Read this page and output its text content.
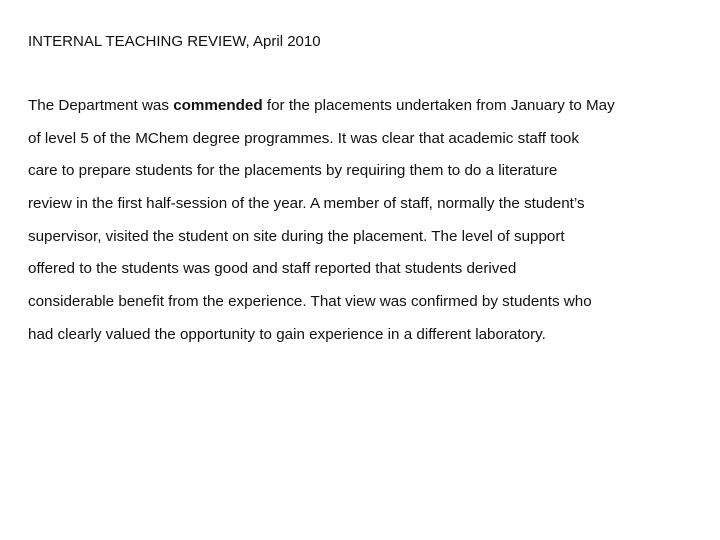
INTERNAL TEACHING REVIEW, April 2010
The Department was commended for the placements undertaken from January to May
of level 5 of the MChem degree programmes. It was clear that academic staff took
care to prepare students for the placements by requiring them to do a literature
review in the first half-session of the year. A member of staff, normally the student’s
supervisor, visited the student on site during the placement. The level of support
offered to the students was good and staff reported that students derived
considerable benefit from the experience. That view was confirmed by students who
had clearly valued the opportunity to gain experience in a different laboratory.
